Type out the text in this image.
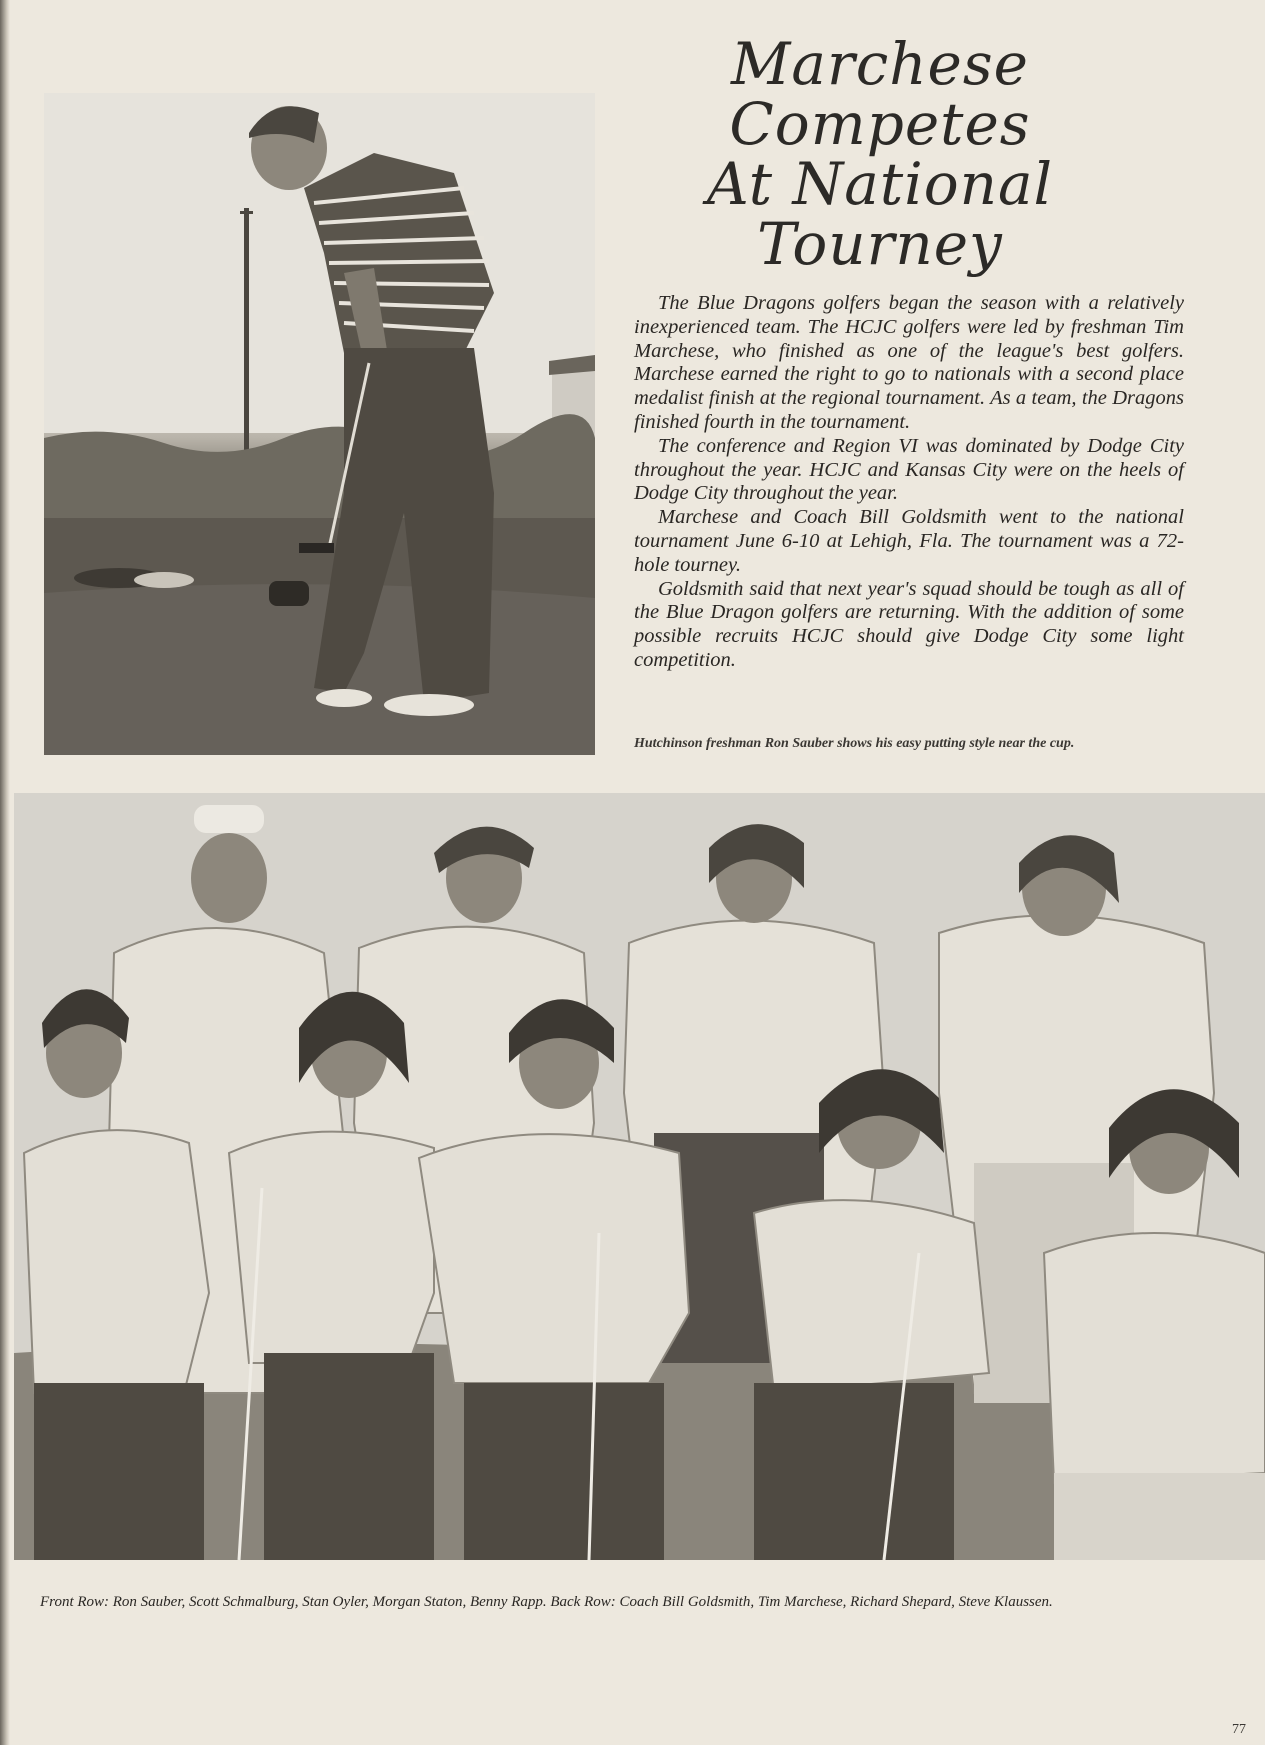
Marchese
Competes
At National
Tourney

The Blue Dragons golfers began the season with a relatively inexperienced team. The HCJC golfers were led by freshman Tim Marchese, who finished as one of the league's best golfers. Marchese earned the right to go to nationals with a second place medalist finish at the regional tournament. As a team, the Dragons finished fourth in the tournament.

The conference and Region VI was dominated by Dodge City throughout the year. HCJC and Kansas City were on the heels of Dodge City throughout the year.

Marchese and Coach Bill Goldsmith went to the national tournament June 6-10 at Lehigh, Fla. The tournament was a 72-hole tourney.

Goldsmith said that next year's squad should be tough as all of the Blue Dragon golfers are returning. With the addition of some possible recruits HCJC should give Dodge City some light competition.

Hutchinson freshman Ron Sauber shows his easy putting style near the cup.
Front Row: Ron Sauber, Scott Schmalburg, Stan Oyler, Morgan Staton, Benny Rapp. Back Row: Coach Bill Goldsmith, Tim Marchese, Richard Shepard, Steve Klaussen.
77
